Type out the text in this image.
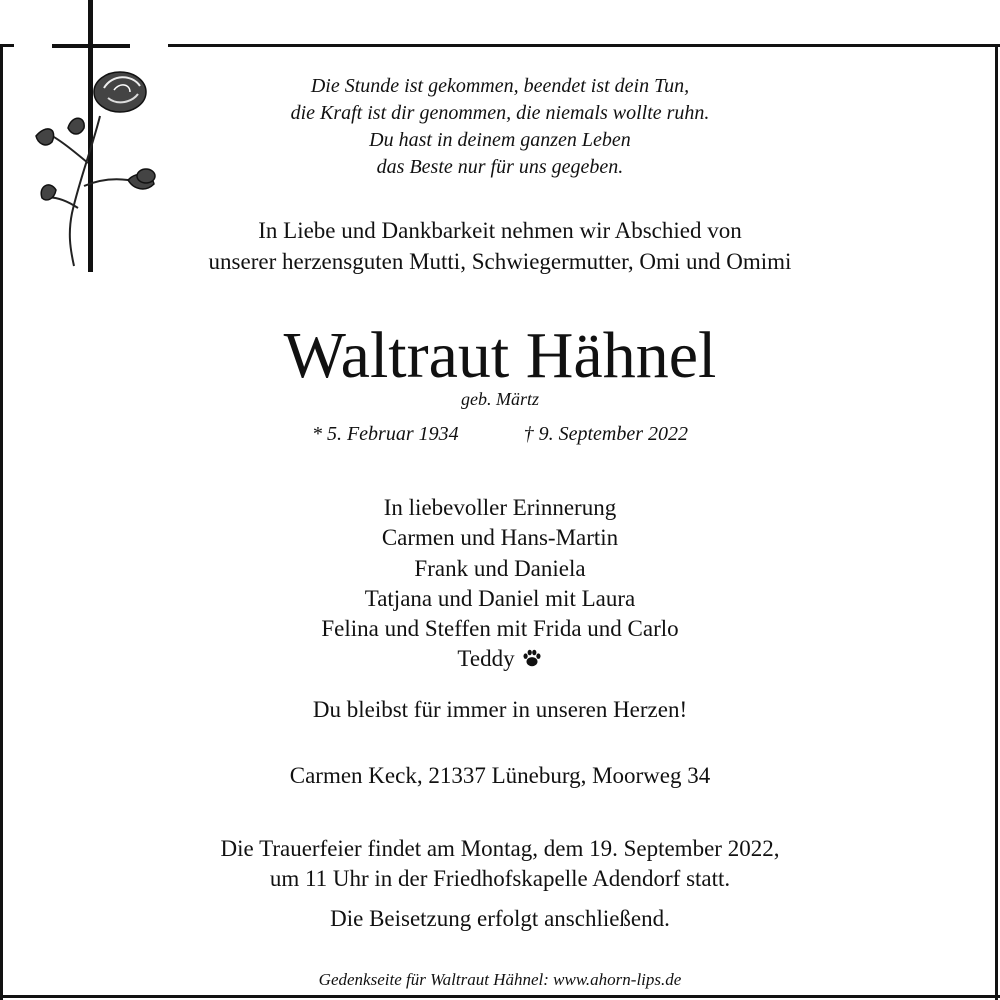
Die Stunde ist gekommen, beendet ist dein Tun,
die Kraft ist dir genommen, die niemals wollte ruhn.
Du hast in deinem ganzen Leben
das Beste nur für uns gegeben.
In Liebe und Dankbarkeit nehmen wir Abschied von
unserer herzensguten Mutti, Schwiegermutter, Omi und Omimi
Waltraut Hähnel
geb. Märtz
* 5. Februar 1934	† 9. September 2022
In liebevoller Erinnerung
Carmen und Hans-Martin
Frank und Daniela
Tatjana und Daniel mit Laura
Felina und Steffen mit Frida und Carlo
Teddy
Du bleibst für immer in unseren Herzen!
Carmen Keck, 21337 Lüneburg, Moorweg 34
Die Trauerfeier findet am Montag, dem 19. September 2022,
um 11 Uhr in der Friedhofskapelle Adendorf statt.
Die Beisetzung erfolgt anschließend.
Gedenkseite für Waltraut Hähnel: www.ahorn-lips.de
